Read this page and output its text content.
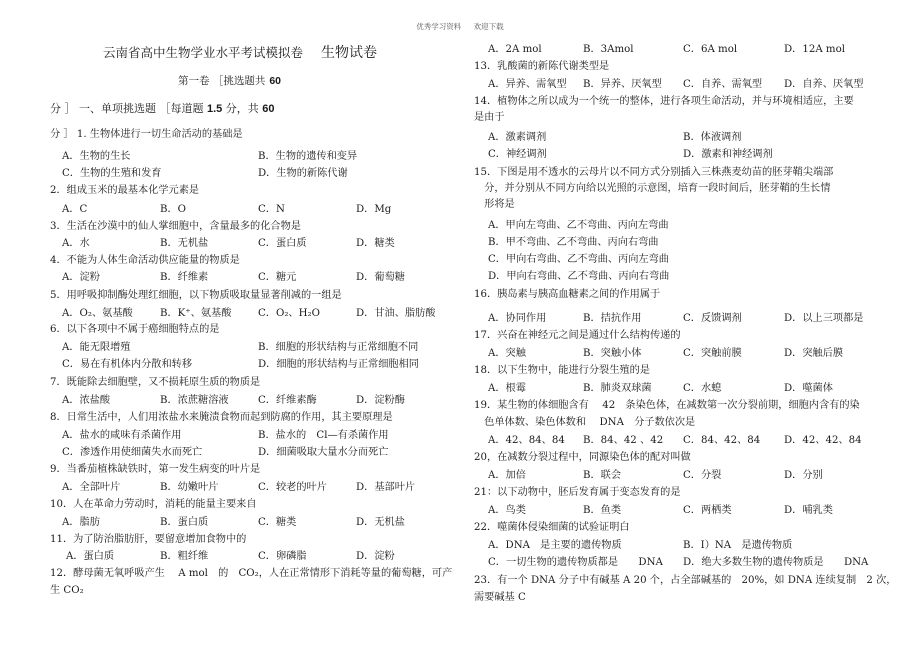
优秀学习资料 欢迎下载
云南省高中生物学业水平考试模拟卷 生物试卷
第一卷 ［挑选题共 60
分 ］ 一、单项挑选题 ［每道题 1.5 分，共 60
分 ］ 1. 生物体进行一切生命活动的基础是
A．生物的生长	B．生物的遗传和变异
C．生物的生殖和发育	D．生物的新陈代谢
2．组成玉米的最基本化学元素是
A．C	B．O	C．N	D．Mg
3．生活在沙漠中的仙人掌细胞中，含量最多的化合物是
A．水	B．无机盐	C．蛋白质	D．糖类
4．不能为人体生命活动供应能量的物质是
A．淀粉	B．纤维素	C．糖元	D．葡萄糖
5．用呼吸抑制酶处理红细胞，以下物质吸取量显著削减的一组是
A．O₂、氨基酸	B．K⁺、氨基酸	C．O₂、H₂O	D．甘油、脂肪酸
6．以下各项中不属于癌细胞特点的是
A．能无限增殖	B．细胞的形状结构与正常细胞不同
C．易在有机体内分散和转移	D．细胞的形状结构与正常细胞相同
7．既能除去细胞壁，又不损耗原生质的物质是
A．浓盐酸	B．浓蔗糖溶液	C．纤维素酶	D．淀粉酶
8．日常生活中，人们用浓盐水来腌渍食物而起到防腐的作用，其主要原理是
A．盐水的咸味有杀菌作用	B．盐水的　Cl—有杀菌作用
C．渗透作用使细菌失水而死亡	D．细菌吸取大量水分而死亡
9．当番茄植株缺铁时，第一发生病变的叶片是
A．全部叶片	B．幼嫩叶片	C．较老的叶片	D．基部叶片
10．人在革命力劳动时，消耗的能量主要来自
A．脂肪	B．蛋白质	C．糖类	D．无机盐
11．为了防治脂肪肝，要留意增加食物中的
A．蛋白质	B．粗纤维	C．卵磷脂	D．淀粉
12．酵母菌无氧呼吸产生　 A mol　的　CO₂，人在正常情形下消耗等量的葡萄糖，可产
生 CO₂
A．2A mol	B．3Amol	C．6A mol	D．12A mol
13．乳酸菌的新陈代谢类型是
A．异养、需氧型 B．异养、厌氧型 C．自养、需氧型 D．自养、厌氧型
14．植物体之所以成为一个统一的整体，进行各项生命活动，并与环境相适应，主要
是由于
A．激素调剂	B．体液调剂
C．神经调剂	D．激素和神经调剂
15．下图是用不透水的云母片以不同方式分别插入三株燕麦幼苗的胚芽鞘尖端部
　分，并分别从不同方向给以光照的示意图，培育一段时间后，胚芽鞘的生长情
　形将是
A．甲向左弯曲、乙不弯曲、丙向左弯曲
B．甲不弯曲、乙不弯曲、丙向右弯曲
C．甲向右弯曲、乙不弯曲、丙向左弯曲
D．甲向右弯曲、乙不弯曲、丙向右弯曲
16．胰岛素与胰高血糖素之间的作用属于
A．协同作用	B．拮抗作用	C．反馈调剂	D．以上三项都是
17．兴奋在神经元之间是通过什么结构传递的
A．突触	B．突触小体	C．突触前膜	D．突触后膜
18．以下生物中，能进行分裂生殖的是
A．根霉	B．肺炎双球菌	C．水螅	D．噬菌体
19．某生物的体细胞含有　 42　条染色体，在减数第一次分裂前期，细胞内含有的染
　色单体数、染色体数和　 DNA　分子数依次是
A．42、84、84 B．84、42 、42 C．84、42、84 D．42、42、84
20，在减数分裂过程中，同源染色体的配对叫做
A．加倍	B．联会	C．分裂	D．分别
21：以下动物中，胚后发育属于变态发育的是
A．鸟类	B．鱼类	C．两栖类	D．哺乳类
22．噬菌体侵染细菌的试验证明白
A．DNA　是主要的遗传物质	B．I）NA　是遗传物质
C．一切生物的遗传物质都是　　DNA D．绝大多数生物的遗传物质是　　DNA
23．有一个 DNA 分子中有碱基 A 20 个，占全部碱基的　20%，如 DNA 连续复制　2 次，
需要碱基 C
